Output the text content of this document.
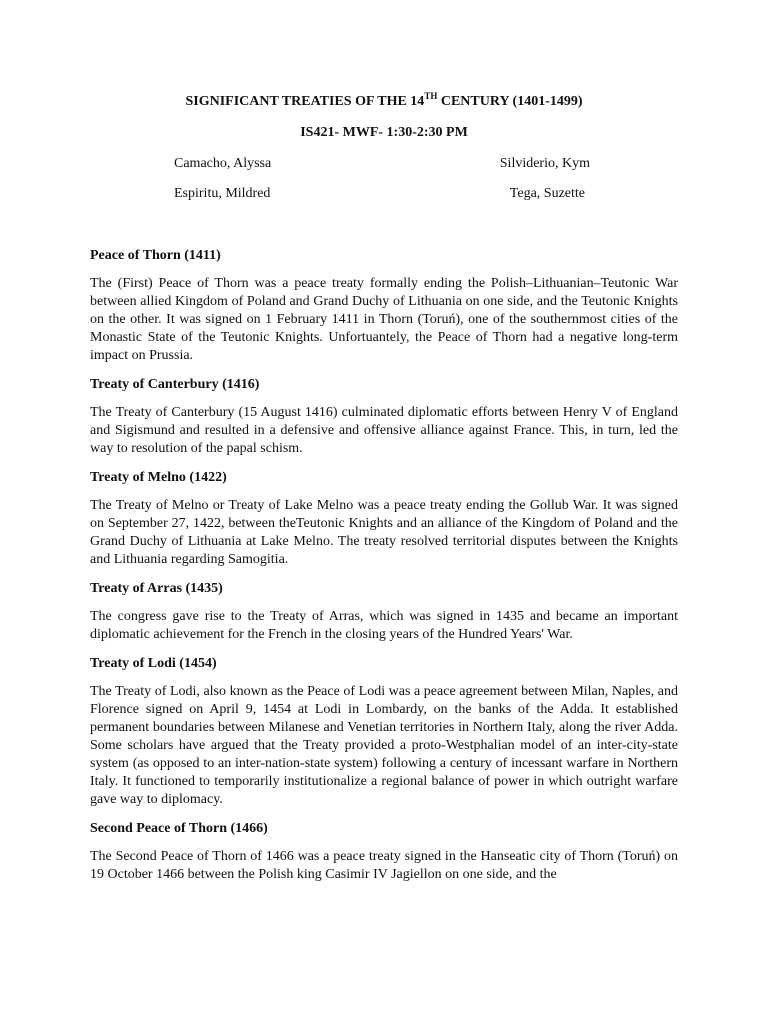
SIGNIFICANT TREATIES OF THE 14TH CENTURY (1401-1499)
IS421- MWF- 1:30-2:30 PM
Camacho, Alyssa	Silviderio, Kym
Espiritu, Mildred	Tega, Suzette
Peace of Thorn (1411)

The (First) Peace of Thorn was a peace treaty formally ending the Polish–Lithuanian–Teutonic War between allied Kingdom of Poland and Grand Duchy of Lithuania on one side, and the Teutonic Knights on the other. It was signed on 1 February 1411 in Thorn (Toruń), one of the southernmost cities of the Monastic State of the Teutonic Knights. Unfortuantely, the Peace of Thorn had a negative long-term impact on Prussia.

Treaty of Canterbury (1416)

The Treaty of Canterbury (15 August 1416) culminated diplomatic efforts between Henry V of England and Sigismund and resulted in a defensive and offensive alliance against France. This, in turn, led the way to resolution of the papal schism.

Treaty of Melno (1422)

The Treaty of Melno or Treaty of Lake Melno was a peace treaty ending the Gollub War. It was signed on September 27, 1422, between theTeutonic Knights and an alliance of the Kingdom of Poland and the Grand Duchy of Lithuania at Lake Melno. The treaty resolved territorial disputes between the Knights and Lithuania regarding Samogitia.

Treaty of Arras (1435)

The congress gave rise to the Treaty of Arras, which was signed in 1435 and became an important diplomatic achievement for the French in the closing years of the Hundred Years' War.

Treaty of Lodi (1454)

The Treaty of Lodi, also known as the Peace of Lodi was a peace agreement between Milan, Naples, and Florence signed on April 9, 1454 at Lodi in Lombardy, on the banks of the Adda. It established permanent boundaries between Milanese and Venetian territories in Northern Italy, along the river Adda. Some scholars have argued that the Treaty provided a proto-Westphalian model of an inter-city-state system (as opposed to an inter-nation-state system) following a century of incessant warfare in Northern Italy. It functioned to temporarily institutionalize a regional balance of power in which outright warfare gave way to diplomacy.

Second Peace of Thorn (1466)

The Second Peace of Thorn of 1466 was a peace treaty signed in the Hanseatic city of Thorn (Toruń) on 19 October 1466 between the Polish king Casimir IV Jagiellon on one side, and the
